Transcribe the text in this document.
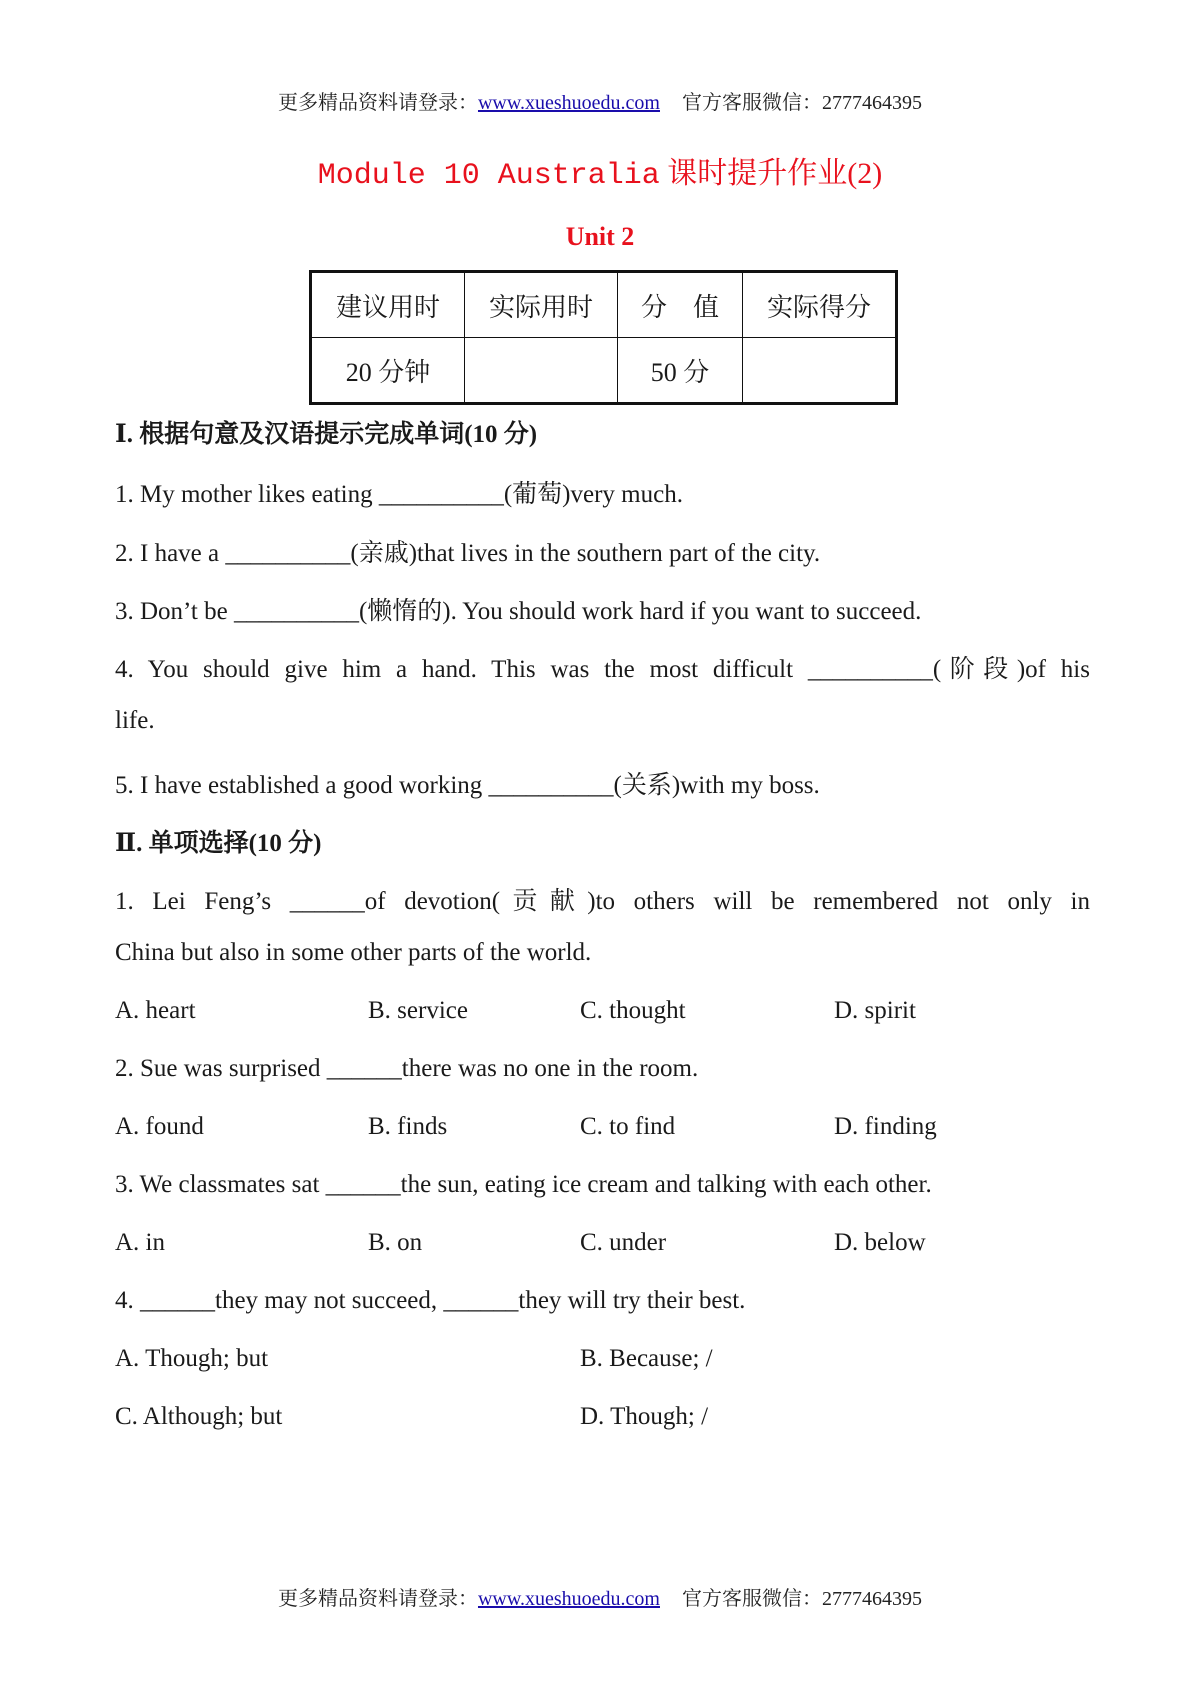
更多精品资料请登录：www.xueshuoedu.com 官方客服微信：2777464395
Module 10 Australia 课时提升作业(2)
Unit 2
建议用时	实际用时	分　值	实际得分
20 分钟		50 分	
Ⅰ. 根据句意及汉语提示完成单词(10 分)
1. My mother likes eating __________(葡萄)very much.
2. I have a __________(亲戚)that lives in the southern part of the city.
3. Don’t be __________(懒惰的). You should work hard if you want to succeed.
4. You should give him a hand. This was the most difficult __________(阶段)of his
life.
5. I have established a good working __________(关系)with my boss.
Ⅱ. 单项选择(10 分)
1. Lei Feng’s ______of devotion(贡献)to others will be remembered not only in
China but also in some other parts of the world.
A. heart	B. service	C. thought	D. spirit
2. Sue was surprised ______there was no one in the room.
A. found	B. finds	C. to find	D. finding
3. We classmates sat ______the sun, eating ice cream and talking with each other.
A. in	B. on	C. under	D. below
4. ______they may not succeed, ______they will try their best.
A. Though; but	B. Because; /
C. Although; but	D. Though; /
更多精品资料请登录：www.xueshuoedu.com 官方客服微信：2777464395
